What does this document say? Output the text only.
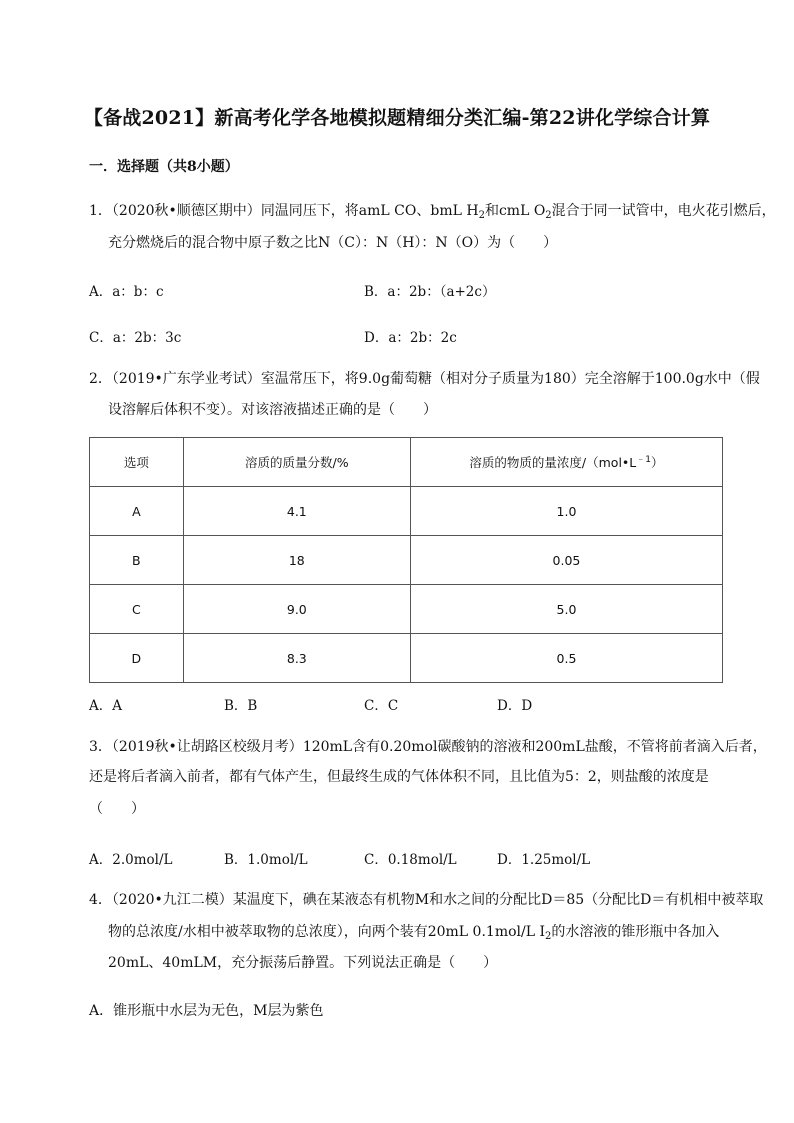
【备战2021】新高考化学各地模拟题精细分类汇编-第22讲化学综合计算
一．选择题（共8小题）
1．（2020秋•顺德区期中）同温同压下，将amL CO、bmL $H_2$和cmL $O_2$混合于同一试管中，电火花引燃后，
充分燃烧后的混合物中原子数之比N（C）：N（H）：N（O）为（　　）
A．a：b：c	B．a：2b：（a+2c）
C．a：2b：3c	D．a：2b：2c
2．（2019•广东学业考试）室温常压下，将9.0g葡萄糖（相对分子质量为180）完全溶解于100.0g水中（假
设溶解后体积不变）。对该溶液描述正确的是（　　）
选项	溶质的质量分数/%	溶质的物质的量浓度$/(mol•L^{﹣1})$
A	4.1	1.0
B	18	0.05
C	9.0	5.0
D	8.3	0.5
A．A	B．B	C．C	D．D
3．（2019秋•让胡路区校级月考）120mL含有0.20mol碳酸钠的溶液和200mL盐酸，不管将前者滴入后者，
还是将后者滴入前者，都有气体产生，但最终生成的气体体积不同，且比值为5：2，则盐酸的浓度是
（　　）
A．2.0mol/L	B．1.0mol/L	C．0.18mol/L	D．1.25mol/L
4．（2020•九江二模）某温度下，碘在某液态有机物M和水之间的分配比D＝85（分配比D＝有机相中被萃取
物的总浓度/水相中被萃取物的总浓度），向两个装有20mL 0.1mol/L $I_2$的水溶液的锥形瓶中各加入
20mL、40mLM，充分振荡后静置。下列说法正确是（　　）
A．锥形瓶中水层为无色，M层为紫色
